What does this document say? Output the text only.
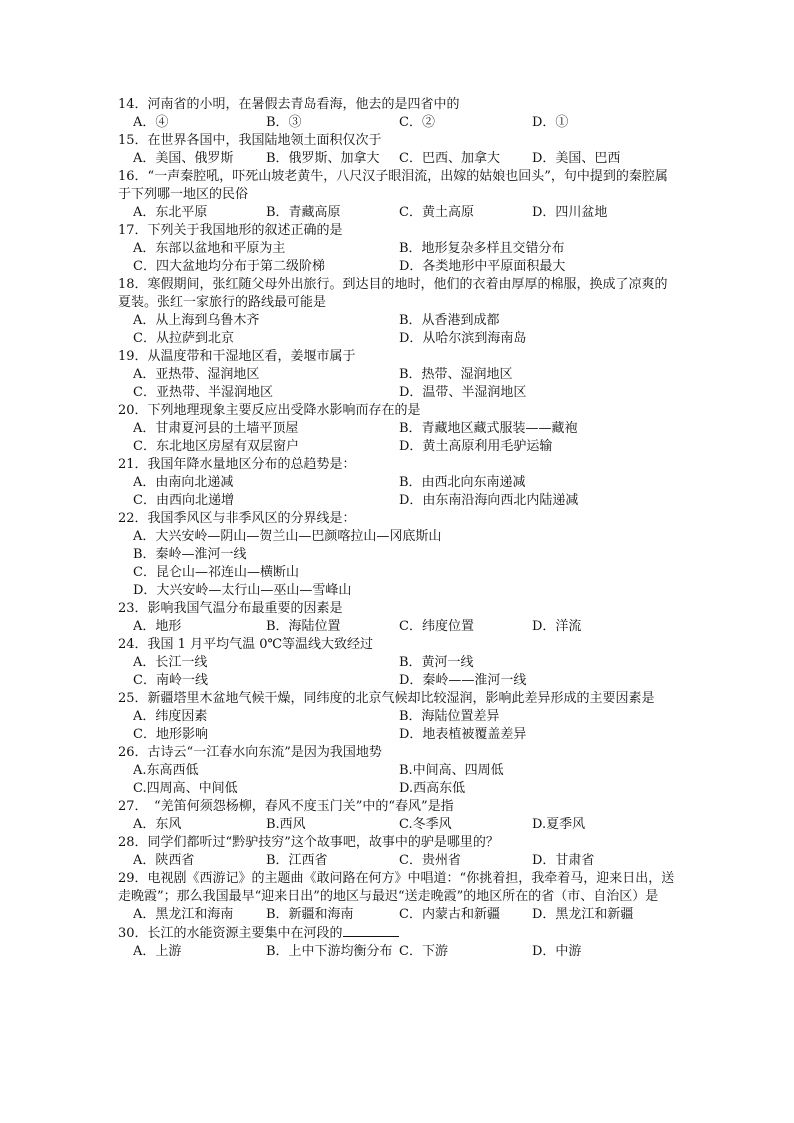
14．河南省的小明，在暑假去青岛看海，他去的是四省中的
A．④	B．③	C．②	D．①
15．在世界各国中，我国陆地领土面积仅次于
A．美国、俄罗斯	B．俄罗斯、加拿大	C．巴西、加拿大	D．美国、巴西
16．“一声秦腔吼，吓死山坡老黄牛，八尺汉子眼泪流，出嫁的姑娘也回头”，句中提到的秦腔属于下列哪一地区的民俗
A．东北平原	B．青藏高原	C．黄土高原	D．四川盆地
17．下列关于我国地形的叙述正确的是
A．东部以盆地和平原为主	B．地形复杂多样且交错分布
C．四大盆地均分布于第二级阶梯	D．各类地形中平原面积最大
18．寒假期间，张红随父母外出旅行。到达目的地时，他们的衣着由厚厚的棉服，换成了凉爽的夏装。张红一家旅行的路线最可能是
A．从上海到乌鲁木齐	B．从香港到成都
C．从拉萨到北京	D．从哈尔滨到海南岛
19．从温度带和干湿地区看，姜堰市属于
A．亚热带、湿润地区	B．热带、湿润地区
C．亚热带、半湿润地区	D．温带、半湿润地区
20．下列地理现象主要反应出受降水影响而存在的是
A．甘肃夏河县的土墙平顶屋	B．青藏地区藏式服装——藏袍
C．东北地区房屋有双层窗户	D．黄土高原利用毛驴运输
21．我国年降水量地区分布的总趋势是：
A．由南向北递减	B．由西北向东南递减
C．由西向北递增	D．由东南沿海向西北内陆递减
22．我国季风区与非季风区的分界线是：
A．大兴安岭—阴山—贺兰山—巴颜喀拉山—冈底斯山
B．秦岭—淮河一线
C．昆仑山—祁连山—横断山
D．大兴安岭—太行山—巫山—雪峰山
23．影响我国气温分布最重要的因素是
A．地形	B．海陆位置	C．纬度位置	D．洋流
24．我国 1 月平均气温 0℃等温线大致经过
A．长江一线	B．黄河一线
C．南岭一线	D．秦岭——淮河一线
25．新疆塔里木盆地气候干燥，同纬度的北京气候却比较湿润，影响此差异形成的主要因素是
A．纬度因素	B．海陆位置差异
C．地形影响	D．地表植被覆盖差异
26．古诗云“一江春水向东流”是因为我国地势
A.东高西低	B.中间高、四周低
C.四周高、中间低	D.西高东低
27．　“羌笛何须怨杨柳，春风不度玉门关”中的“春风”是指
A．东风	B.西风	C.冬季风	D.夏季风
28．同学们都听过“黔驴技穷”这个故事吧，故事中的驴是哪里的？
A．陕西省	B．江西省	C．贵州省	D．甘肃省
29．电视剧《西游记》的主题曲《敢问路在何方》中唱道：“你挑着担，我牵着马，迎来日出，送走晚霞”；那么我国最早“迎来日出”的地区与最迟“送走晚霞”的地区所在的省（市、自治区）是
A．黑龙江和海南	B．新疆和海南	C．内蒙古和新疆	D．黑龙江和新疆
30．长江的水能资源主要集中在河段的
A．上游	B．上中下游均衡分布 C．下游	D．中游
